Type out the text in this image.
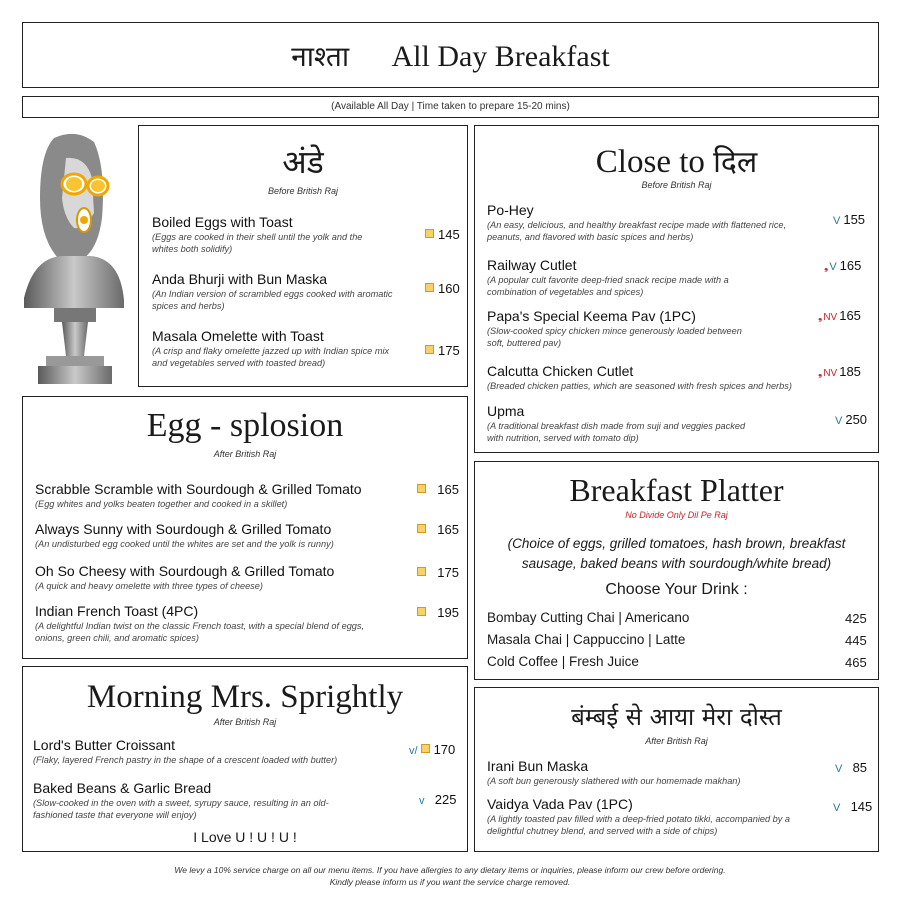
नाश्ता All Day Breakfast
(Available All Day | Time taken to prepare 15-20 mins)
अंडे
Before British Raj
Boiled Eggs with Toast
(Eggs are cooked in their shell until the yolk and the whites both solidify)
145
Anda Bhurji with Bun Maska
(An Indian version of scrambled eggs cooked with aromatic spices and herbs)
160
Masala Omelette with Toast
(A crisp and flaky omelette jazzed up with Indian spice mix and vegetables served with toasted bread)
175
Egg - splosion
After British Raj
Scrabble Scramble with Sourdough & Grilled Tomato
(Egg whites and yolks beaten together and cooked in a skillet)
165
Always Sunny with Sourdough & Grilled Tomato
(An undisturbed egg cooked until the whites are set and the yolk is runny)
165
Oh So Cheesy with Sourdough & Grilled Tomato
(A quick and heavy omelette with three types of cheese)
175
Indian French Toast (4PC)
(A delightful Indian twist on the classic French toast, with a special blend of eggs, onions, green chili, and aromatic spices)
195
Morning Mrs. Sprightly
After British Raj
Lord's Butter Croissant
(Flaky, layered French pastry in the shape of a crescent loaded with butter)
v/ 170
Baked Beans & Garlic Bread
(Slow-cooked in the oven with a sweet, syrupy sauce, resulting in an old-fashioned taste that everyone will enjoy)
v 225
I Love U ! U ! U !
Close to दिल
Before British Raj
Po-Hey
(An easy, delicious, and healthy breakfast recipe made with flattened rice, peanuts, and flavored with basic spices and herbs)
V 155
Railway Cutlet
(A popular cult favorite deep-fried snack recipe made with a combination of vegetables and spices)
❟V 165
Papa's Special Keema Pav (1PC)
(Slow-cooked spicy chicken mince generously loaded between soft, buttered pav)
❟NV 165
Calcutta Chicken Cutlet
(Breaded chicken patties, which are seasoned with fresh spices and herbs)
❟NV 185
Upma
(A traditional breakfast dish made from suji and veggies packed with nutrition, served with tomato dip)
V 250
Breakfast Platter
No Divide Only Dil Pe Raj
(Choice of eggs, grilled tomatoes, hash brown, breakfast sausage, baked beans with sourdough/white bread)
Choose Your Drink :
Bombay Cutting Chai | Americano	425
Masala Chai | Cappuccino | Latte	445
Cold Coffee | Fresh Juice	465
बंम्बई से आया मेरा दोस्त
After British Raj
Irani Bun Maska
(A soft bun generously slathered with our homemade makhan)
V 85
Vaidya Vada Pav (1PC)
(A lightly toasted pav filled with a deep-fried potato tikki, accompanied by a delightful chutney blend, and served with a side of chips)
V 145
We levy a 10% service charge on all our menu items. If you have allergies to any dietary items or inquiries, please inform our crew before ordering.
Kindly please inform us if you want the service charge removed.
